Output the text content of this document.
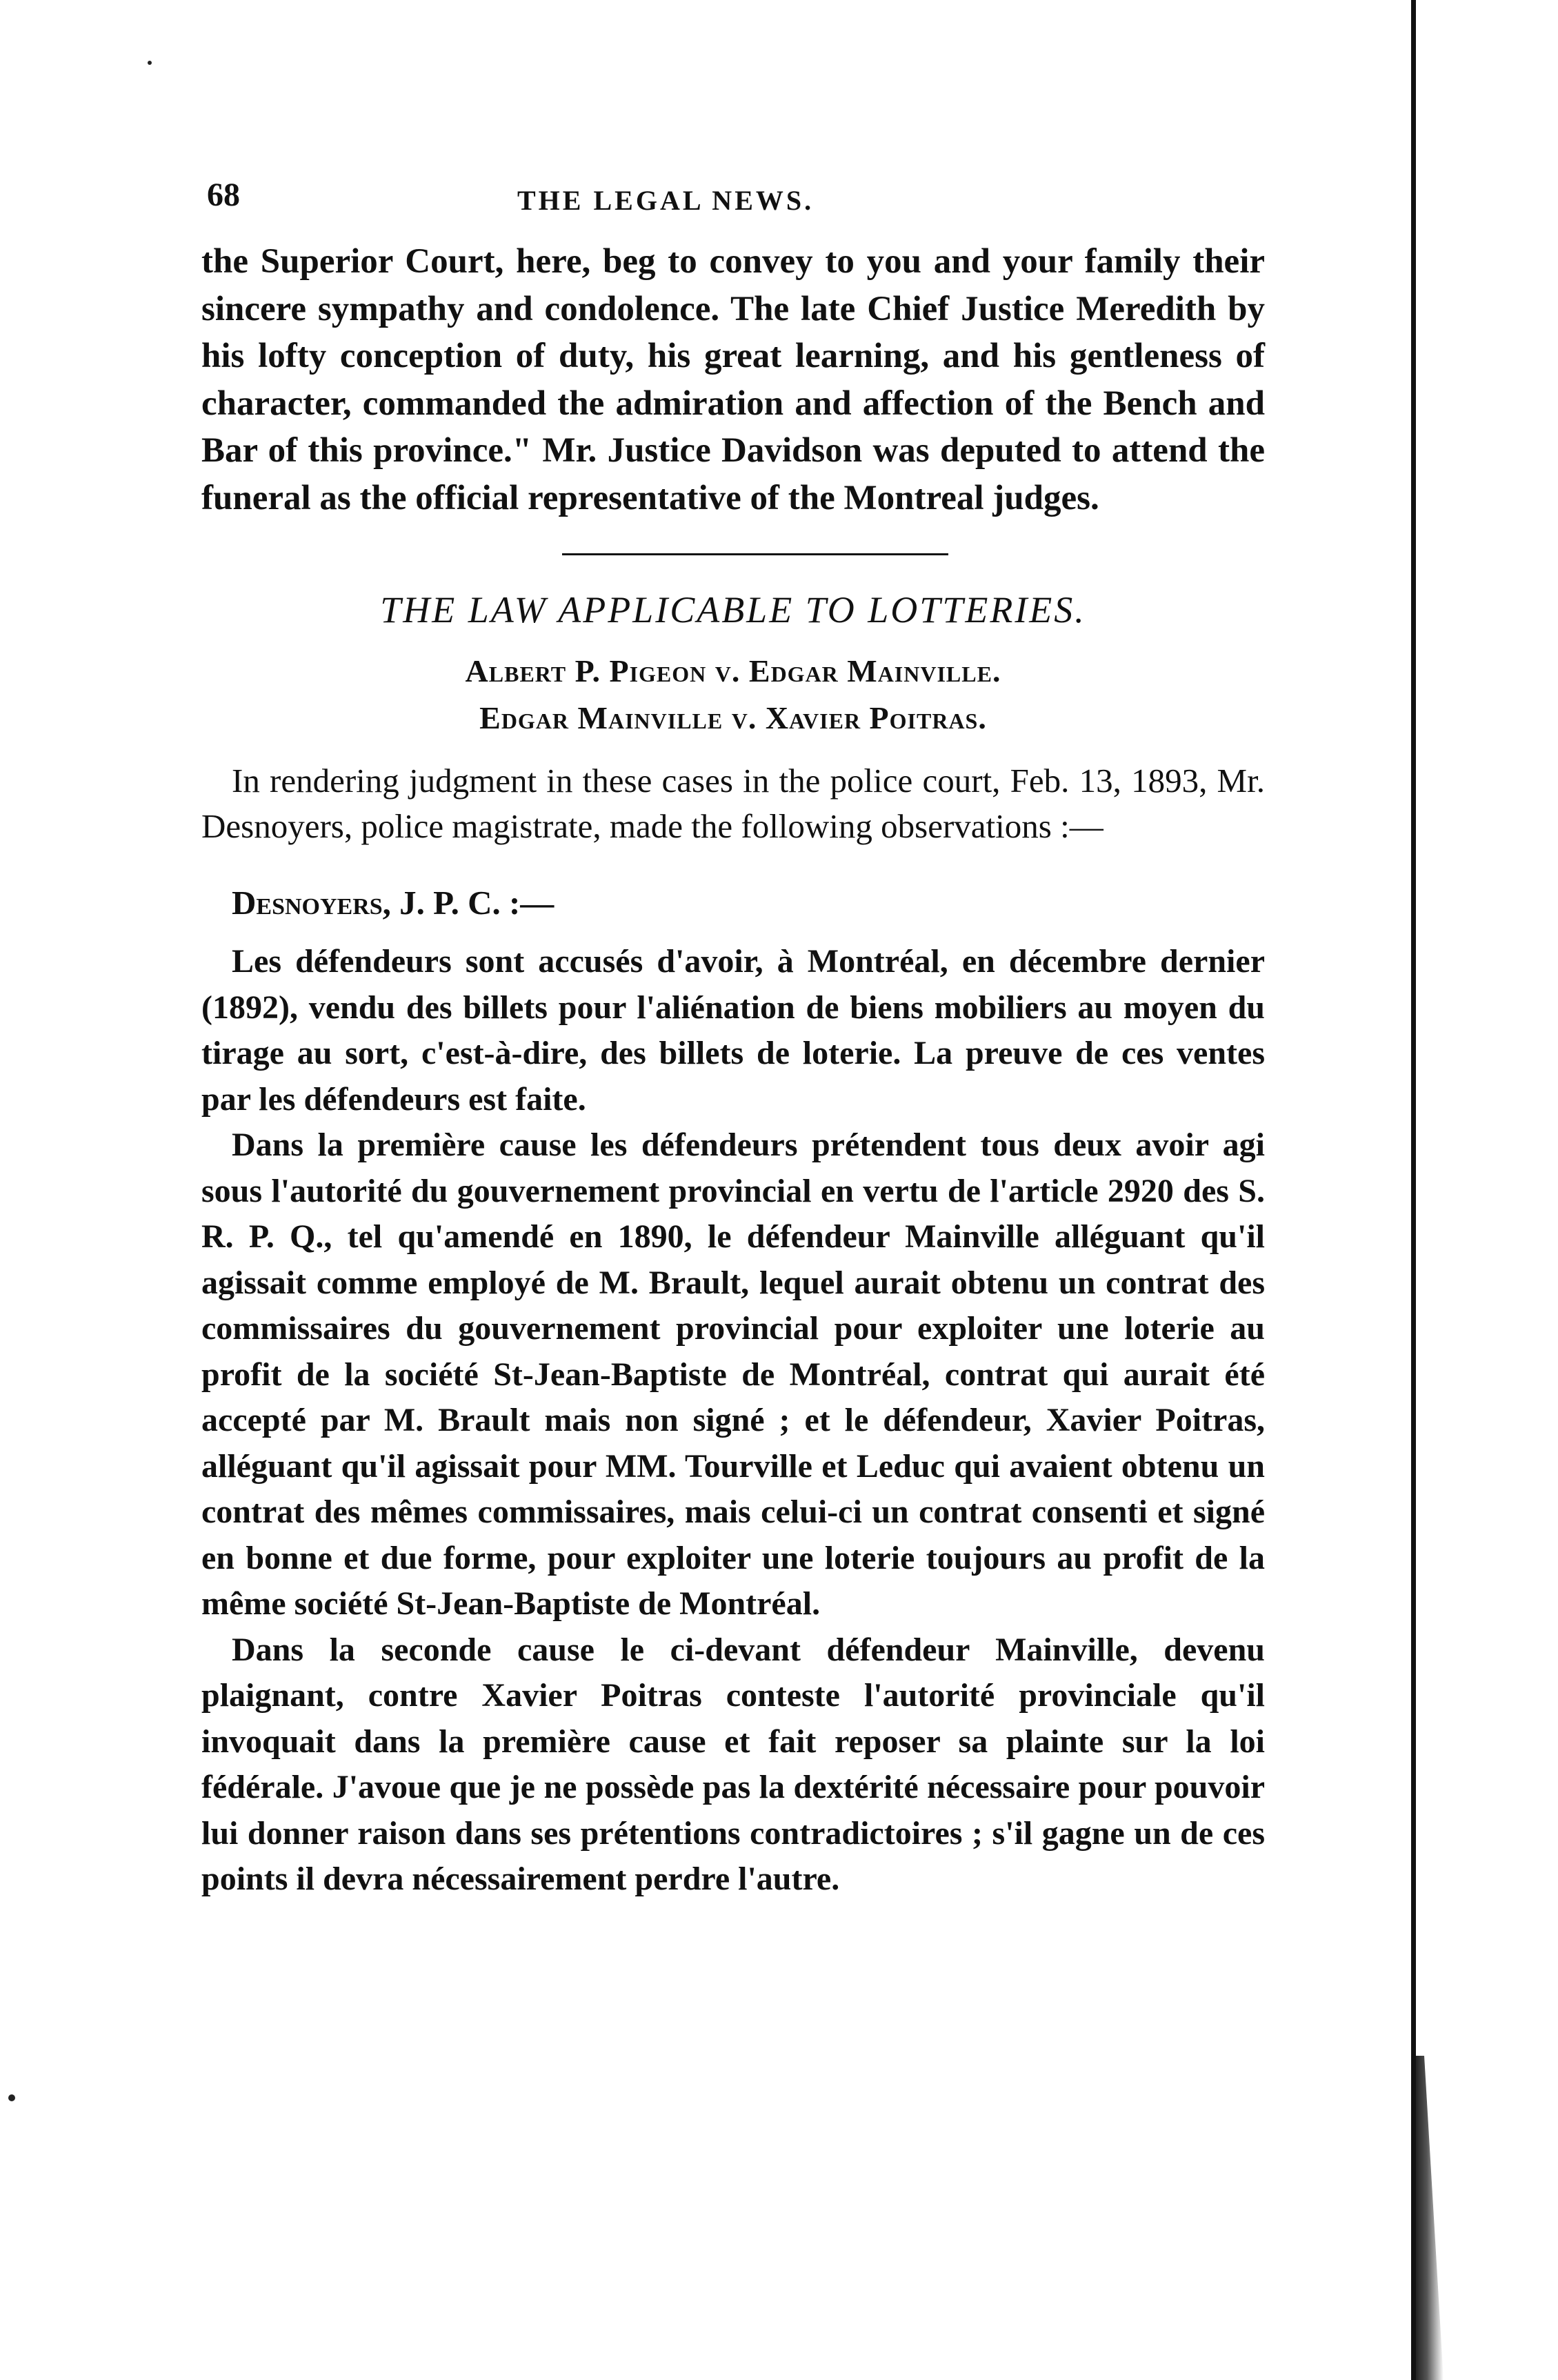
68	THE LEGAL NEWS.

the Superior Court, here, beg to convey to you and your family their sincere sympathy and condolence. The late Chief Justice Meredith by his lofty conception of duty, his great learning, and his gentleness of character, commanded the admiration and affection of the Bench and Bar of this province." Mr. Justice Davidson was deputed to attend the funeral as the official representative of the Montreal judges.

THE LAW APPLICABLE TO LOTTERIES.

Albert P. Pigeon v. Edgar Mainville.

Edgar Mainville v. Xavier Poitras.

In rendering judgment in these cases in the police court, Feb. 13, 1893, Mr. Desnoyers, police magistrate, made the following observations :—

Desnoyers, J. P. C. :—

Les défendeurs sont accusés d'avoir, à Montréal, en décembre dernier (1892), vendu des billets pour l'aliénation de biens mobiliers au moyen du tirage au sort, c'est-à-dire, des billets de loterie. La preuve de ces ventes par les défendeurs est faite.

Dans la première cause les défendeurs prétendent tous deux avoir agi sous l'autorité du gouvernement provincial en vertu de l'article 2920 des S. R. P. Q., tel qu'amendé en 1890, le défendeur Mainville alléguant qu'il agissait comme employé de M. Brault, lequel aurait obtenu un contrat des commissaires du gouvernement provincial pour exploiter une loterie au profit de la société St-Jean-Baptiste de Montréal, contrat qui aurait été accepté par M. Brault mais non signé ; et le défendeur, Xavier Poitras, alléguant qu'il agissait pour MM. Tourville et Leduc qui avaient obtenu un contrat des mêmes commissaires, mais celui-ci un contrat consenti et signé en bonne et due forme, pour exploiter une loterie toujours au profit de la même société St-Jean-Baptiste de Montréal.

Dans la seconde cause le ci-devant défendeur Mainville, devenu plaignant, contre Xavier Poitras conteste l'autorité provinciale qu'il invoquait dans la première cause et fait reposer sa plainte sur la loi fédérale. J'avoue que je ne possède pas la dextérité nécessaire pour pouvoir lui donner raison dans ses prétentions contradictoires ; s'il gagne un de ces points il devra nécessairement perdre l'autre.
